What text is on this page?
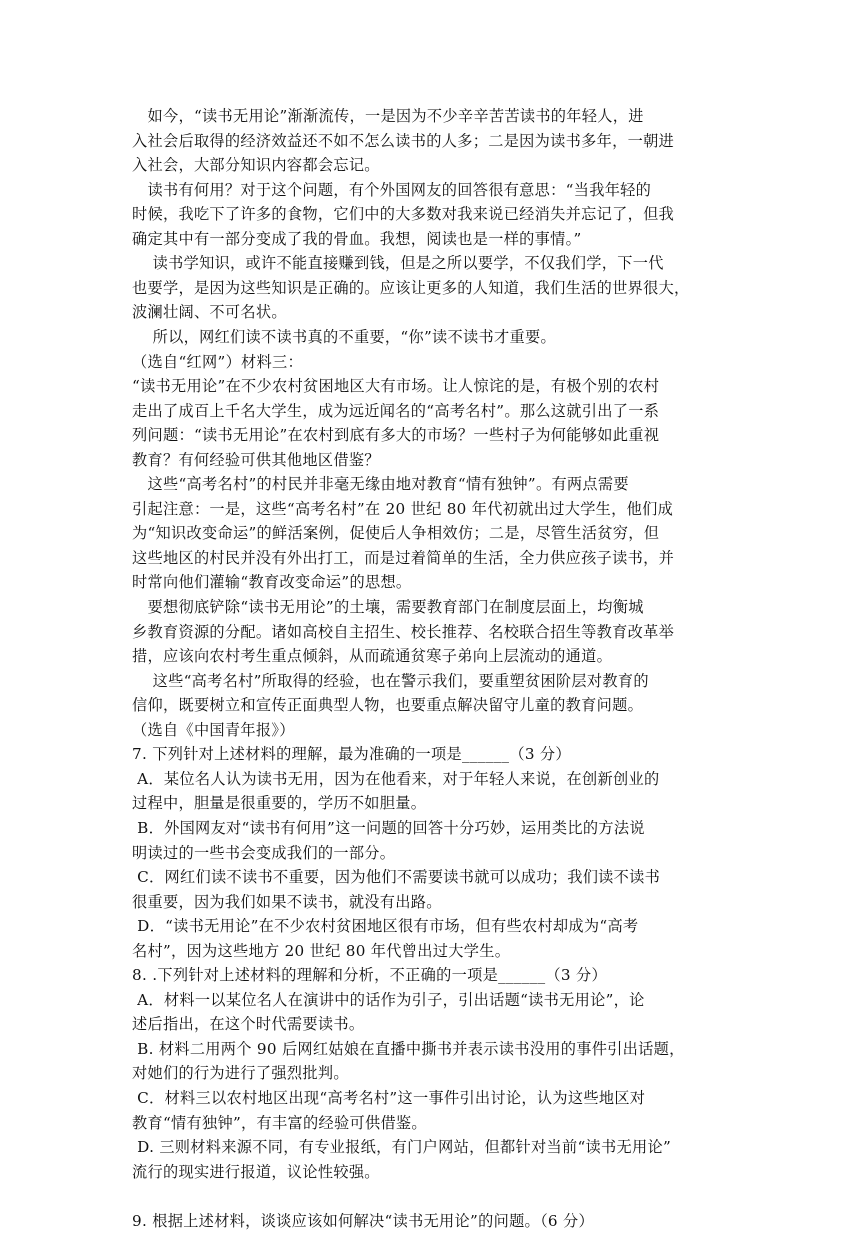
　如今，“读书无用论”渐渐流传，一是因为不少辛辛苦苦读书的年轻人，进
入社会后取得的经济效益还不如不怎么读书的人多；二是因为读书多年，一朝进
入社会，大部分知识内容都会忘记。
　读书有何用？对于这个问题，有个外国网友的回答很有意思：“当我年轻的
时候，我吃下了许多的食物，它们中的大多数对我来说已经消失并忘记了，但我
确定其中有一部分变成了我的骨血。我想，阅读也是一样的事情。”
　 读书学知识，或许不能直接赚到钱，但是之所以要学，不仅我们学，下一代
也要学，是因为这些知识是正确的。应该让更多的人知道，我们生活的世界很大，
波澜壮阔、不可名状。
　 所以，网红们读不读书真的不重要，“你”读不读书才重要。
（选自“红网”）材料三：
“读书无用论”在不少农村贫困地区大有市场。让人惊诧的是，有极个别的农村
走出了成百上千名大学生，成为远近闻名的“高考名村”。那么这就引出了一系
列问题：“读书无用论”在农村到底有多大的市场？一些村子为何能够如此重视
教育？有何经验可供其他地区借鉴？
　这些“高考名村”的村民并非毫无缘由地对教育“情有独钟”。有两点需要
引起注意：一是，这些“高考名村”在 20 世纪 80 年代初就出过大学生，他们成
为“知识改变命运”的鲜活案例，促使后人争相效仿；二是，尽管生活贫穷，但
这些地区的村民并没有外出打工，而是过着简单的生活，全力供应孩子读书，并
时常向他们灌输“教育改变命运”的思想。
　要想彻底铲除“读书无用论”的土壤，需要教育部门在制度层面上，均衡城
乡教育资源的分配。诸如高校自主招生、校长推荐、名校联合招生等教育改革举
措，应该向农村考生重点倾斜，从而疏通贫寒子弟向上层流动的通道。
　 这些“高考名村”所取得的经验，也在警示我们，要重塑贫困阶层对教育的
信仰，既要树立和宣传正面典型人物，也要重点解决留守儿童的教育问题。
（选自《中国青年报》）
7. 下列针对上述材料的理解，最为准确的一项是______（3 分）
A．某位名人认为读书无用，因为在他看来，对于年轻人来说，在创新创业的
过程中，胆量是很重要的，学历不如胆量。
B．外国网友对“读书有何用”这一问题的回答十分巧妙，运用类比的方法说
明读过的一些书会变成我们的一部分。
C．网红们读不读书不重要，因为他们不需要读书就可以成功；我们读不读书
很重要，因为我们如果不读书，就没有出路。
D．“读书无用论”在不少农村贫困地区很有市场，但有些农村却成为“高考
名村”，因为这些地方 20 世纪 80 年代曾出过大学生。
8. .下列针对上述材料的理解和分析，不正确的一项是______（3 分）
A．材料一以某位名人在演讲中的话作为引子，引出话题“读书无用论”，论
述后指出，在这个时代需要读书。
B. 材料二用两个 90 后网红姑娘在直播中撕书并表示读书没用的事件引出话题，
对她们的行为进行了强烈批判。
C．材料三以农村地区出现“高考名村”这一事件引出讨论，认为这些地区对
教育“情有独钟”，有丰富的经验可供借鉴。
D. 三则材料来源不同，有专业报纸，有门户网站，但都针对当前“读书无用论”
流行的现实进行报道，议论性较强。
9. 根据上述材料，谈谈应该如何解决“读书无用论”的问题。（6 分）
